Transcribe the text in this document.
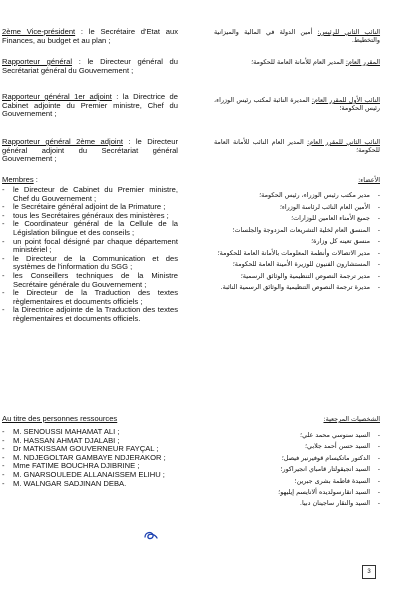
2ème Vice-président : le Secrétaire d'Etat aux Finances, au budget et au plan ;
Rapporteur général : le Directeur général du Secrétariat général du Gouvernement ;
Rapporteur général 1er adjoint : la Directrice de Cabinet adjointe du Premier ministre, Chef du Gouvernement ;
Rapporteur général 2ème adjoint : le Directeur général adjoint du Secrétariat général Gouvernement ;
Membres :
- le Directeur de Cabinet du Premier ministre, Chef du Gouvernement ;
- le Secrétaire général adjoint de la Primature ;
- tous les Secrétaires généraux des ministères ;
- le Coordinateur général de la Cellule de la Législation bilingue et des conseils ;
- un point focal désigné par chaque département ministériel ;
- le Directeur de la Communication et des systèmes de l'information du SGG ;
- les Conseillers techniques de la Ministre Secrétaire générale du Gouvernement ;
- le Directeur de la Traduction des textes règlementaires et documents officiels ;
- la Directrice adjointe de la Traduction des textes règlementaires et documents officiels.
Au titre des personnes ressources
- M. SENOUSSI MAHAMAT ALI ;
- M. HASSAN AHMAT DJALABI ;
- Dr MATKISSAM GOUVERNEUR FAYÇAL ;
- M. NDJEGOLTAR GAMBAYE NDJERAKOR ;
- Mme FATIME BOUCHRA DJIBRINE ;
- M. GNARSOULEDE ALLANAISSEM ELIHU ;
- M. WALNGAR SADJINAN DEBA.
النائب الثاني للرئيس: أمين الدولة في المالية والميزانية والتخطيط.
المقرر العام: المدير العام للأمانة العامة للحكومة؛
النائب الأول للمقرر العام: المديرة النائبة لمكتب رئيس الوزراء، رئيس الحكومة؛
النائب الثاني للمقرر العام: المدير العام النائب للأمانة العامة للحكومة؛
الأعضاء:
- مدير مكتب رئيس الوزراء، رئيس الحكومة؛
- الأمين العام النائب لرئاسة الوزراء؛
- جميع الأمناء العامين للوزارات؛
- المنسق العام لخلية التشريعات المزدوجة والجلسات؛
- منسق تعينه كل وزارة؛
- مدير الاتصالات وأنظمة المعلومات بالأمانة العامة للحكومة؛
- المستشارون الفنيون للوزيرة الأمينة العامة للحكومة؛
- مدير ترجمة النصوص التنظيمية والوثائق الرسمية؛
- مديرة ترجمة النصوص التنظيمية والوثائق الرسمية النائبة.
الشخصيات المرجعية:
- السيد سنوسي محمد علي؛
- السيد حسن أحمد جلابي؛
- الدكتور ماتكيسام قوفيرنير فيصل؛
- السيد انجيقولتار قامباي انجيراكور؛
- السيدة فاطمة بشرى جبرين؛
- السيد انقارسولديده ألانايسم إيليهو؛
- السيد والنقار ساجينان دبيا.
3
